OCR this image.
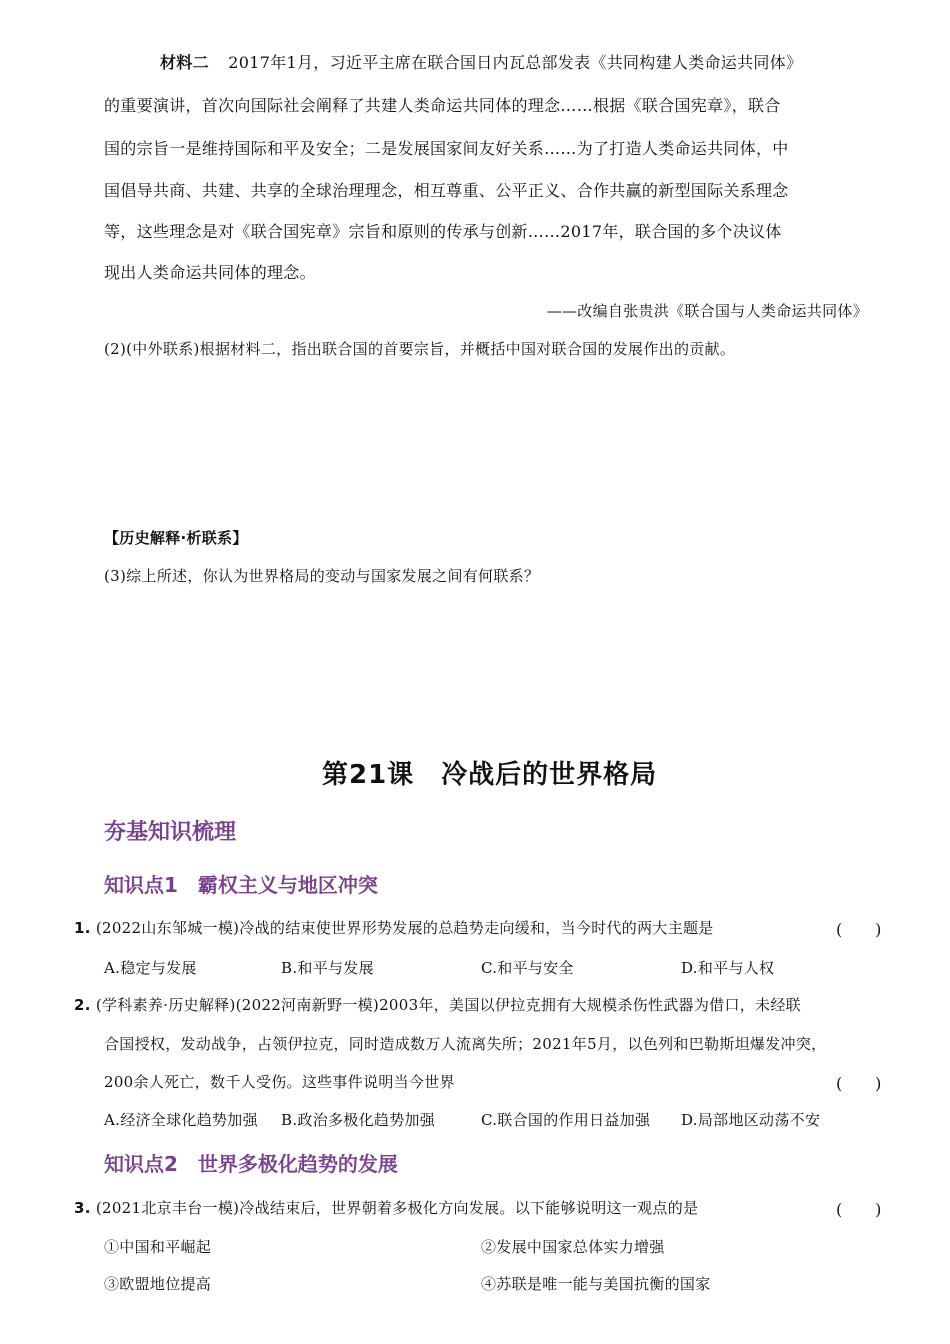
材料二 2017年1月，习近平主席在联合国日内瓦总部发表《共同构建人类命运共同体》
的重要演讲，首次向国际社会阐释了共建人类命运共同体的理念……根据《联合国宪章》，联合
国的宗旨一是维持国际和平及安全；二是发展国家间友好关系……为了打造人类命运共同体，中
国倡导共商、共建、共享的全球治理理念，相互尊重、公平正义、合作共赢的新型国际关系理念
等，这些理念是对《联合国宪章》宗旨和原则的传承与创新……2017年，联合国的多个决议体
现出人类命运共同体的理念。
——改编自张贵洪《联合国与人类命运共同体》
(2)(中外联系)根据材料二，指出联合国的首要宗旨，并概括中国对联合国的发展作出的贡献。
【历史解释·析联系】
(3)综上所述，你认为世界格局的变动与国家发展之间有何联系？
第21课　冷战后的世界格局
夯基知识梳理
知识点1　霸权主义与地区冲突
1. (2022山东邹城一模)冷战的结束使世界形势发展的总趋势走向缓和，当今时代的两大主题是	(　　)
A.稳定与发展	B.和平与发展	C.和平与安全	D.和平与人权
2. (学科素养·历史解释)(2022河南新野一模)2003年，美国以伊拉克拥有大规模杀伤性武器为借口，未经联
合国授权，发动战争，占领伊拉克，同时造成数万人流离失所；2021年5月，以色列和巴勒斯坦爆发冲突，
200余人死亡，数千人受伤。这些事件说明当今世界	(　　)
A.经济全球化趋势加强 B.政治多极化趋势加强	C.联合国的作用日益加强 D.局部地区动荡不安
知识点2　世界多极化趋势的发展
3. (2021北京丰台一模)冷战结束后，世界朝着多极化方向发展。以下能够说明这一观点的是	(　　)
①中国和平崛起	②发展中国家总体实力增强
③欧盟地位提高	④苏联是唯一能与美国抗衡的国家
